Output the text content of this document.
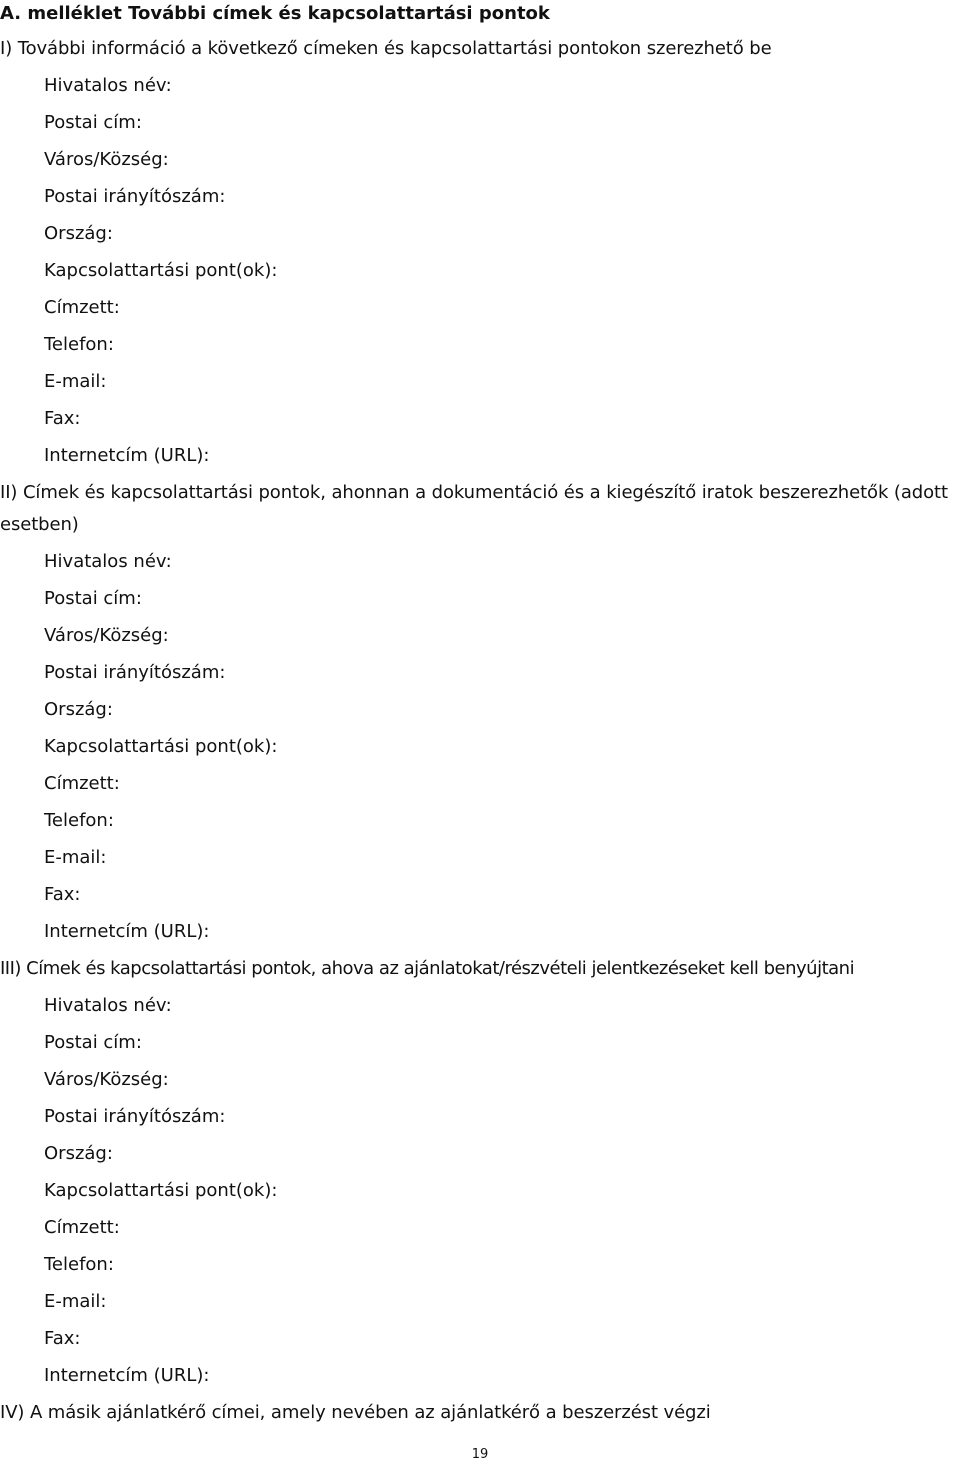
A. melléklet További címek és kapcsolattartási pontok
I) További információ a következő címeken és kapcsolattartási pontokon szerezhető be
Hivatalos név:
Postai cím:
Város/Község:
Postai irányítószám:
Ország:
Kapcsolattartási pont(ok):
Címzett:
Telefon:
E-mail:
Fax:
Internetcím (URL):
II) Címek és kapcsolattartási pontok, ahonnan a dokumentáció és a kiegészítő iratok beszerezhetők (adott esetben)
Hivatalos név:
Postai cím:
Város/Község:
Postai irányítószám:
Ország:
Kapcsolattartási pont(ok):
Címzett:
Telefon:
E-mail:
Fax:
Internetcím (URL):
III) Címek és kapcsolattartási pontok, ahova az ajánlatokat/részvételi jelentkezéseket kell benyújtani
Hivatalos név:
Postai cím:
Város/Község:
Postai irányítószám:
Ország:
Kapcsolattartási pont(ok):
Címzett:
Telefon:
E-mail:
Fax:
Internetcím (URL):
IV) A másik ajánlatkérő címei, amely nevében az ajánlatkérő a beszerzést végzi
19
